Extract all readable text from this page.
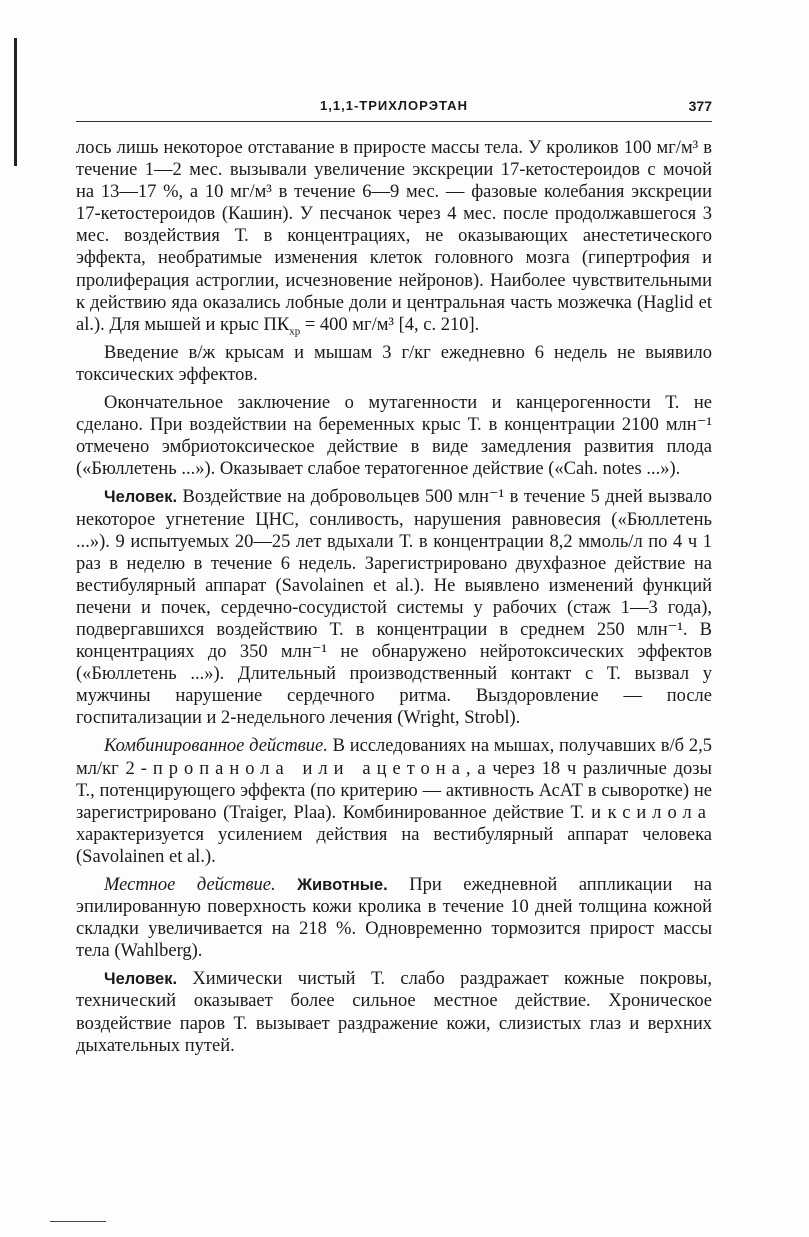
1,1,1-ТРИХЛОРЭТАН	377

лось лишь некоторое отставание в приросте массы тела. У кроликов 100 мг/м³ в течение 1—2 мес. вызывали увеличение экскреции 17-кетостероидов с мочой на 13—17 %, а 10 мг/м³ в течение 6—9 мес. — фазовые колебания экскреции 17-кетостероидов (Кашин). У песчанок через 4 мес. после продолжавшегося 3 мес. воздействия Т. в концентрациях, не оказывающих анестетического эффекта, необратимые изменения клеток головного мозга (гипертрофия и пролиферация астроглии, исчезновение нейронов). Наиболее чувствительными к действию яда оказались лобные доли и центральная часть мозжечка (Haglid et al.). Для мышей и крыс $ПК_{хр} = 400$ мг/м³ [4, с. 210].

Введение в/ж крысам и мышам 3 г/кг ежедневно 6 недель не выявило токсических эффектов.

Окончательное заключение о мутагенности и канцерогенности Т. не сделано. При воздействии на беременных крыс Т. в концентрации 2100 млн⁻¹ отмечено эмбриотоксическое действие в виде замедления развития плода («Бюллетень ...»). Оказывает слабое тератогенное действие («Cah. notes ...»).

Человек. Воздействие на добровольцев 500 млн⁻¹ в течение 5 дней вызвало некоторое угнетение ЦНС, сонливость, нарушения равновесия («Бюллетень ...»). 9 испытуемых 20—25 лет вдыхали Т. в концентрации 8,2 ммоль/л по 4 ч 1 раз в неделю в течение 6 недель. Зарегистрировано двухфазное действие на вестибулярный аппарат (Savolainen et al.). Не выявлено изменений функций печени и почек, сердечно-сосудистой системы у рабочих (стаж 1—3 года), подвергавшихся воздействию Т. в концентрации в среднем 250 млн⁻¹. В концентрациях до 350 млн⁻¹ не обнаружено нейротоксических эффектов («Бюллетень ...»). Длительный производственный контакт с Т. вызвал у мужчины нарушение сердечного ритма. Выздоровление — после госпитализации и 2-недельного лечения (Wright, Strobl).

Комбинированное действие. В исследованиях на мышах, получавших в/б 2,5 мл/кг 2-пропанола или ацетона, а через 18 ч различные дозы Т., потенцирующего эффекта (по критерию — активность АсАТ в сыворотке) не зарегистрировано (Traiger, Plaa). Комбинированное действие Т. и ксилола характеризуется усилением действия на вестибулярный аппарат человека (Savolainen et al.).

Местное действие. Животные. При ежедневной аппликации на эпилированную поверхность кожи кролика в течение 10 дней толщина кожной складки увеличивается на 218 %. Одновременно тормозится прирост массы тела (Wahlberg).

Человек. Химически чистый Т. слабо раздражает кожные покровы, технический оказывает более сильное местное действие. Хроническое воздействие паров Т. вызывает раздражение кожи, слизистых глаз и верхних дыхательных путей.
